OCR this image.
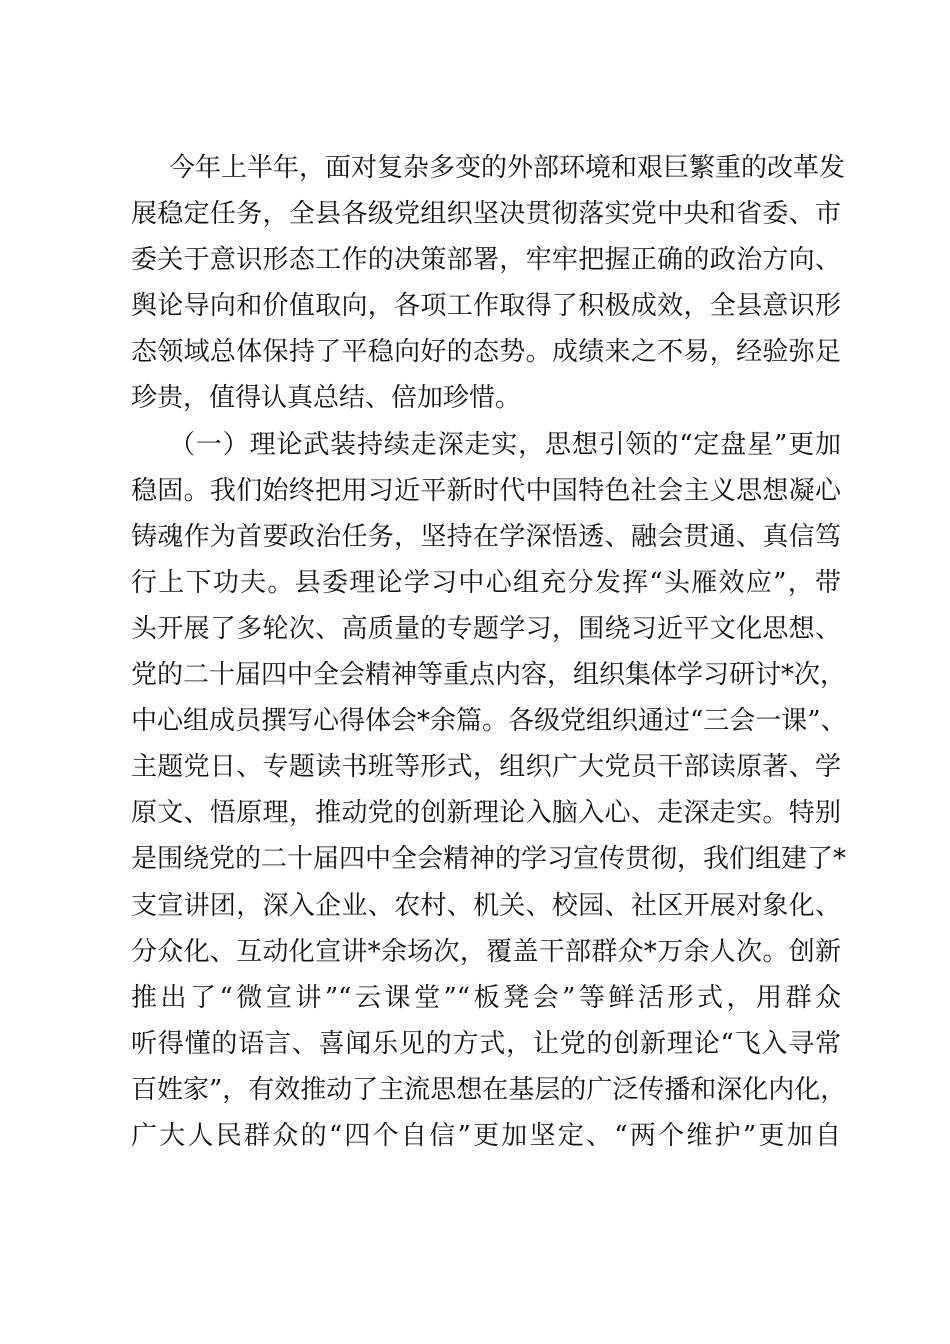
今年上半年，面对复杂多变的外部环境和艰巨繁重的改革发
展稳定任务，全县各级党组织坚决贯彻落实党中央和省委、市
委关于意识形态工作的决策部署，牢牢把握正确的政治方向、
舆论导向和价值取向，各项工作取得了积极成效，全县意识形
态领域总体保持了平稳向好的态势。成绩来之不易，经验弥足
珍贵，值得认真总结、倍加珍惜。
（一）理论武装持续走深走实，思想引领的“定盘星”更加
稳固。我们始终把用习近平新时代中国特色社会主义思想凝心
铸魂作为首要政治任务，坚持在学深悟透、融会贯通、真信笃
行上下功夫。县委理论学习中心组充分发挥“头雁效应”，带
头开展了多轮次、高质量的专题学习，围绕习近平文化思想、
党的二十届四中全会精神等重点内容，组织集体学习研讨*次，
中心组成员撰写心得体会*余篇。各级党组织通过“三会一课”、
主题党日、专题读书班等形式，组织广大党员干部读原著、学
原文、悟原理，推动党的创新理论入脑入心、走深走实。特别
是围绕党的二十届四中全会精神的学习宣传贯彻，我们组建了*
支宣讲团，深入企业、农村、机关、校园、社区开展对象化、
分众化、互动化宣讲*余场次，覆盖干部群众*万余人次。创新
推出了“微宣讲”“云课堂”“板凳会”等鲜活形式，用群众
听得懂的语言、喜闻乐见的方式，让党的创新理论“飞入寻常
百姓家”，有效推动了主流思想在基层的广泛传播和深化内化，
广大人民群众的“四个自信”更加坚定、“两个维护”更加自
